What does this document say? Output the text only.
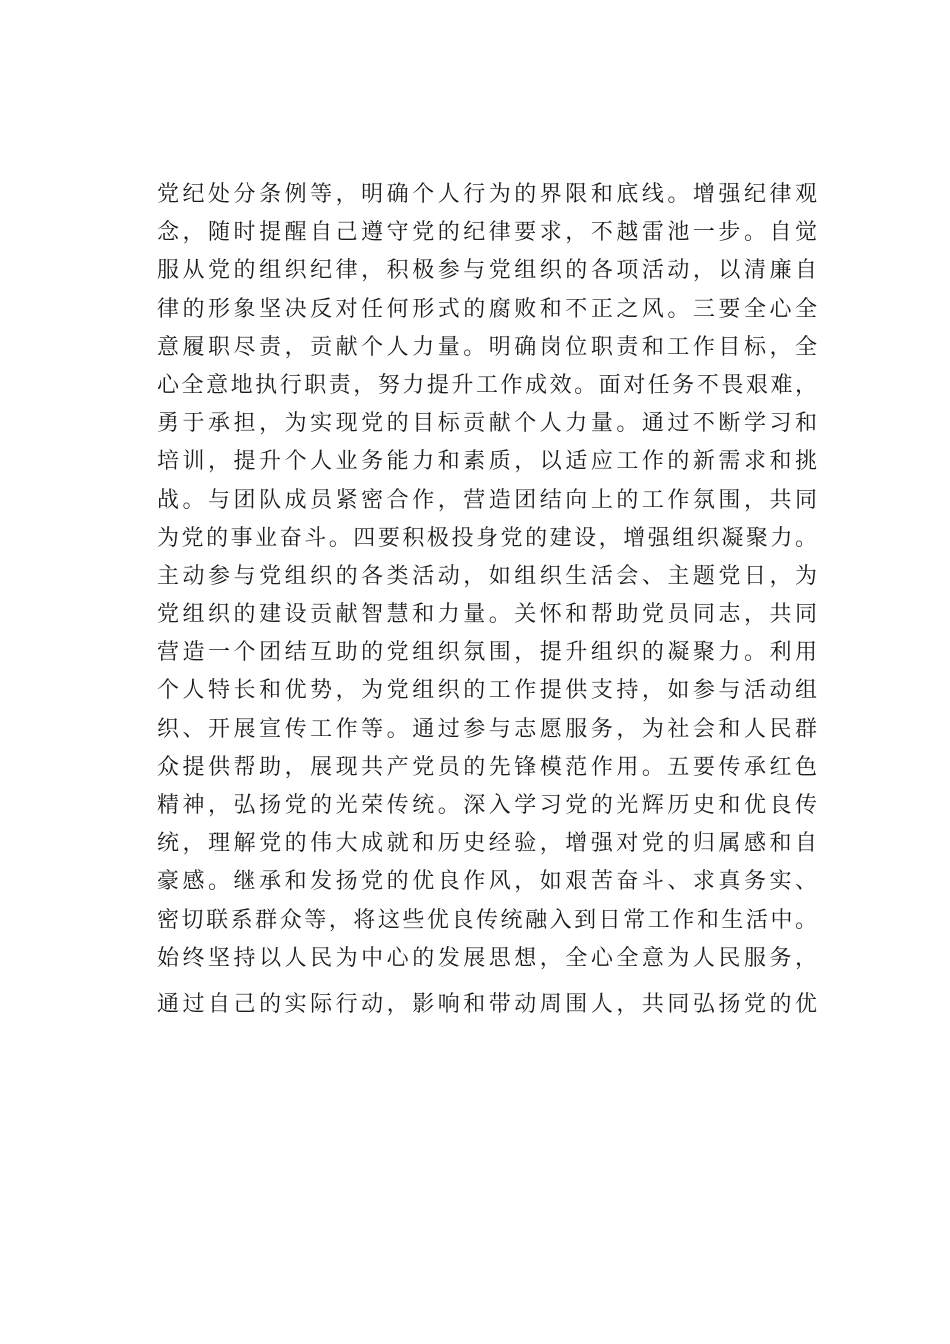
党纪处分条例等，明确个人行为的界限和底线。增强纪律观
念，随时提醒自己遵守党的纪律要求，不越雷池一步。自觉
服从党的组织纪律，积极参与党组织的各项活动，以清廉自
律的形象坚决反对任何形式的腐败和不正之风。三要全心全
意履职尽责，贡献个人力量。明确岗位职责和工作目标，全
心全意地执行职责，努力提升工作成效。面对任务不畏艰难，
勇于承担，为实现党的目标贡献个人力量。通过不断学习和
培训，提升个人业务能力和素质，以适应工作的新需求和挑
战。与团队成员紧密合作，营造团结向上的工作氛围，共同
为党的事业奋斗。四要积极投身党的建设，增强组织凝聚力。
主动参与党组织的各类活动，如组织生活会、主题党日，为
党组织的建设贡献智慧和力量。关怀和帮助党员同志，共同
营造一个团结互助的党组织氛围，提升组织的凝聚力。利用
个人特长和优势，为党组织的工作提供支持，如参与活动组
织、开展宣传工作等。通过参与志愿服务，为社会和人民群
众提供帮助，展现共产党员的先锋模范作用。五要传承红色
精神，弘扬党的光荣传统。深入学习党的光辉历史和优良传
统，理解党的伟大成就和历史经验，增强对党的归属感和自
豪感。继承和发扬党的优良作风，如艰苦奋斗、求真务实、
密切联系群众等，将这些优良传统融入到日常工作和生活中。
始终坚持以人民为中心的发展思想，全心全意为人民服务，
通过自己的实际行动，影响和带动周围人，共同弘扬党的优
